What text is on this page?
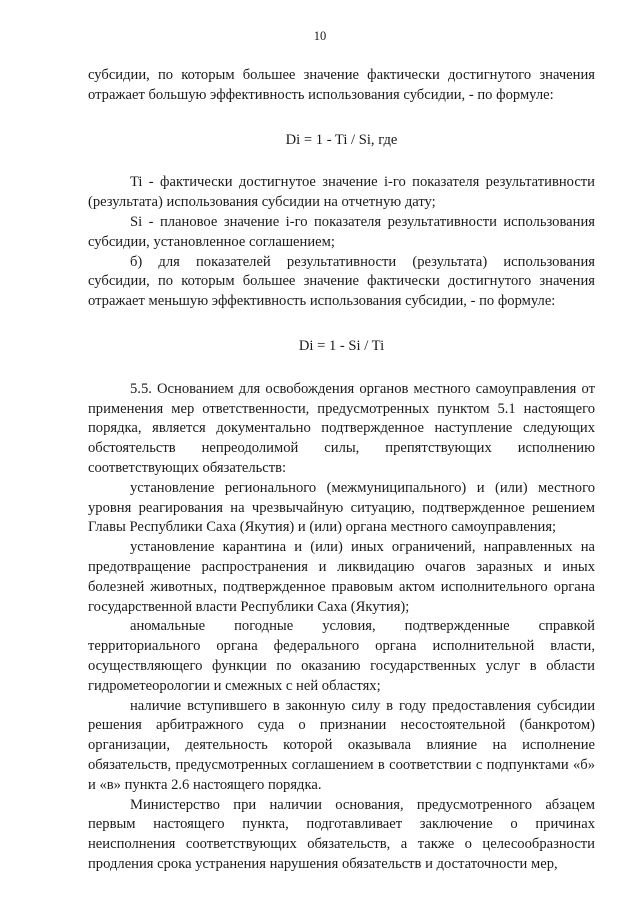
10

субсидии, по которым большее значение фактически достигнутого значения отражает большую эффективность использования субсидии, - по формуле:

Di = 1 - Ti / Si, где

Ti - фактически достигнутое значение i-го показателя результативности (результата) использования субсидии на отчетную дату;

Si - плановое значение i-го показателя результативности использования субсидии, установленное соглашением;

б) для показателей результативности (результата) использования субсидии, по которым большее значение фактически достигнутого значения отражает меньшую эффективность использования субсидии, - по формуле:

Di = 1 - Si / Ti

5.5. Основанием для освобождения органов местного самоуправления от применения мер ответственности, предусмотренных пунктом 5.1 настоящего порядка, является документально подтвержденное наступление следующих обстоятельств непреодолимой силы, препятствующих исполнению соответствующих обязательств:

установление регионального (межмуниципального) и (или) местного уровня реагирования на чрезвычайную ситуацию, подтвержденное решением Главы Республики Саха (Якутия) и (или) органа местного самоуправления;

установление карантина и (или) иных ограничений, направленных на предотвращение распространения и ликвидацию очагов заразных и иных болезней животных, подтвержденное правовым актом исполнительного органа государственной власти Республики Саха (Якутия);

аномальные погодные условия, подтвержденные справкой территориального органа федерального органа исполнительной власти, осуществляющего функции по оказанию государственных услуг в области гидрометеорологии и смежных с ней областях;

наличие вступившего в законную силу в году предоставления субсидии решения арбитражного суда о признании несостоятельной (банкротом) организации, деятельность которой оказывала влияние на исполнение обязательств, предусмотренных соглашением в соответствии с подпунктами «б» и «в» пункта 2.6 настоящего порядка.

Министерство при наличии основания, предусмотренного абзацем первым настоящего пункта, подготавливает заключение о причинах неисполнения соответствующих обязательств, а также о целесообразности продления срока устранения нарушения обязательств и достаточности мер,
